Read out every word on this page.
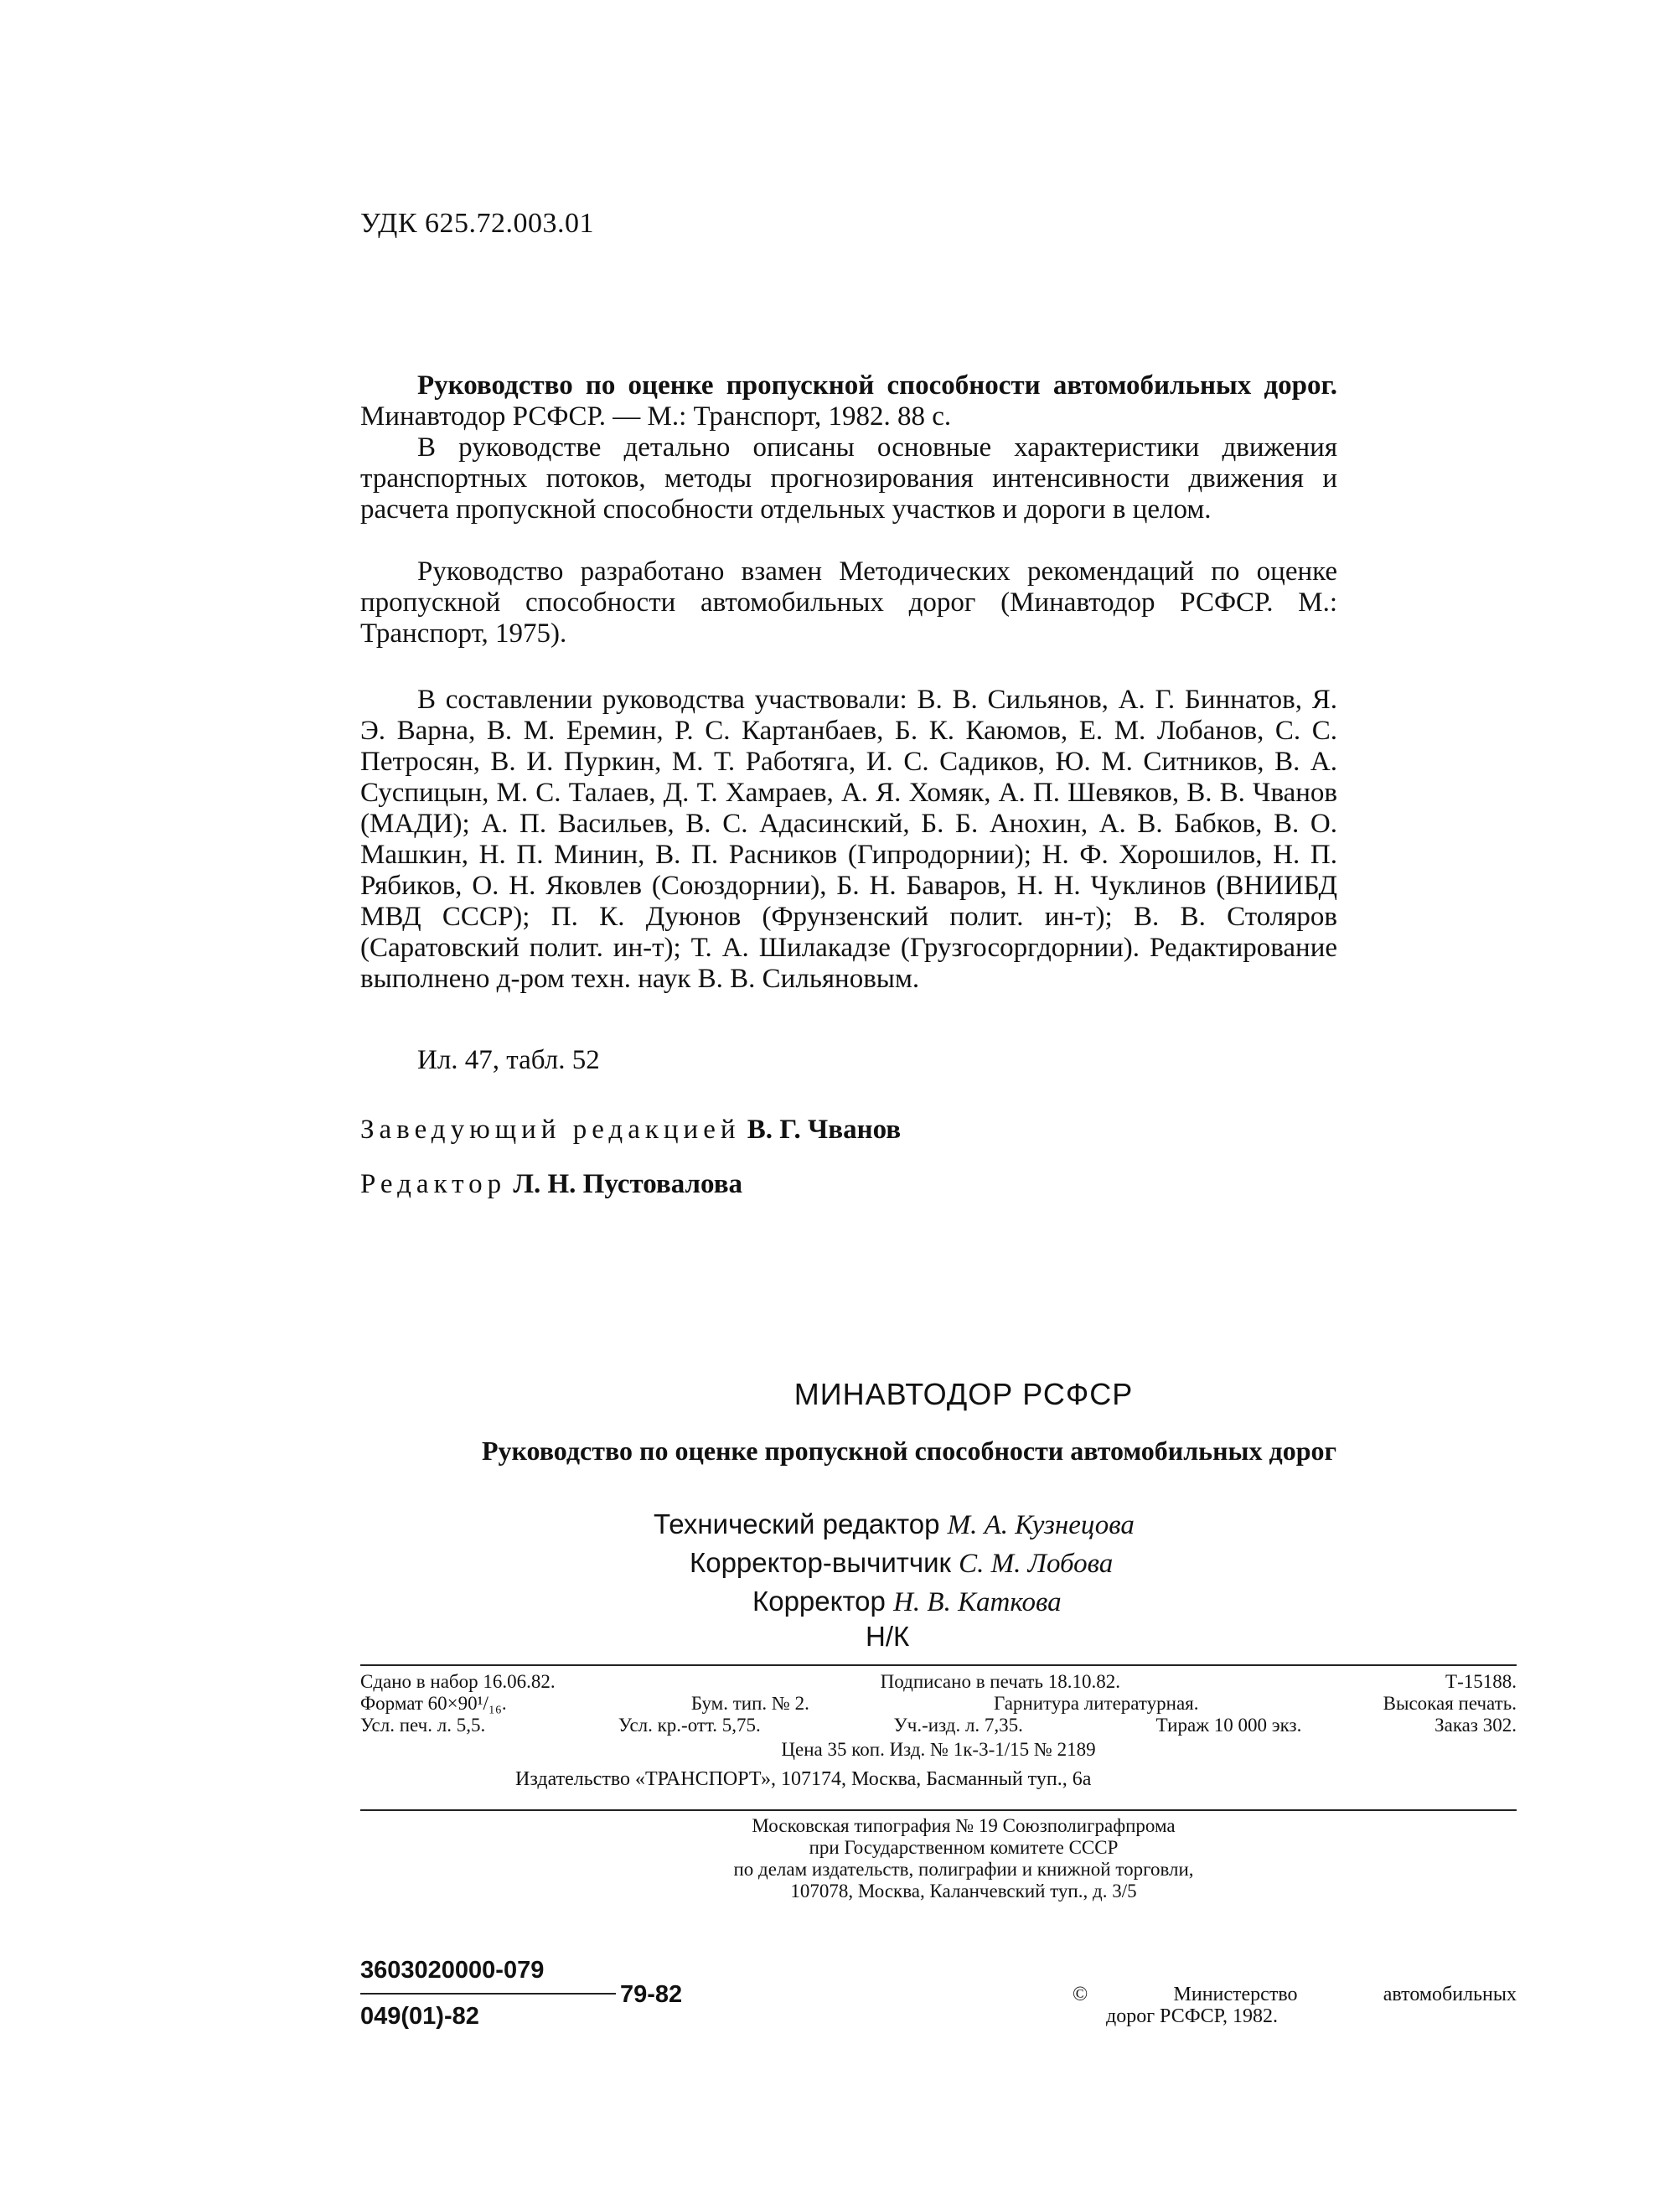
УДК 625.72.003.01

Руководство по оценке пропускной способности автомобильных дорог. Минавтодор РСФСР. — М.: Транспорт, 1982. 88 с.

В руководстве детально описаны основные характеристики движения транспортных потоков, методы прогнозирования интенсивности движения и расчета пропускной способности отдельных участков и дороги в целом.

Руководство разработано взамен Методических рекомендаций по оценке пропускной способности автомобильных дорог (Минавтодор РСФСР. М.: Транспорт, 1975).

В составлении руководства участвовали: В. В. Сильянов, А. Г. Биннатов, Я. Э. Варна, В. М. Еремин, Р. С. Картанбаев, Б. К. Каюмов, Е. М. Лобанов, С. С. Петросян, В. И. Пуркин, М. Т. Работяга, И. С. Садиков, Ю. М. Ситников, В. А. Суспицын, М. С. Талаев, Д. Т. Хамраев, А. Я. Хомяк, А. П. Шевяков, В. В. Чванов (МАДИ); А. П. Васильев, В. С. Адасинский, Б. Б. Анохин, А. В. Бабков, В. О. Машкин, Н. П. Минин, В. П. Расников (Гипродорнии); Н. Ф. Хорошилов, Н. П. Рябиков, О. Н. Яковлев (Союздорнии), Б. Н. Баваров, Н. Н. Чуклинов (ВНИИБД МВД СССР); П. К. Дуюнов (Фрунзенский полит. ин-т); В. В. Столяров (Саратовский полит. ин-т); Т. А. Шилакадзе (Грузгосоргдорнии). Редактирование выполнено д-ром техн. наук В. В. Сильяновым.

Ил. 47, табл. 52
Заведующий редакцией В. Г. Чванов
Редактор Л. Н. Пустовалова
МИНАВТОДОР РСФСР
Руководство по оценке пропускной способности автомобильных дорог
Технический редактор М. А. Кузнецова
Корректор-вычитчик С. М. Лобова
Корректор Н. В. Каткова
Н/К
Сдано в набор 16.06.82.	Подписано в печать 18.10.82.	Т-15188.
Формат 60×90¹/₁₆.	Бум. тип. № 2.	Гарнитура литературная.	Высокая печать.
Усл. печ. л. 5,5.	Усл. кр.-отт. 5,75.	Уч.-изд. л. 7,35.	Тираж 10 000 экз.	Заказ 302.
Цена 35 коп. Изд. № 1к-3-1/15 № 2189
Издательство «ТРАНСПОРТ», 107174, Москва, Басманный туп., 6а
Московская типография № 19 Союзполиграфпрома
при Государственном комитете СССР
по делам издательств, полиграфии и книжной торговли,
107078, Москва, Каланчевский туп., д. 3/5
3603020000-079
049(01)-82
79-82	© Министерство автомобильных
дорог РСФСР, 1982.
